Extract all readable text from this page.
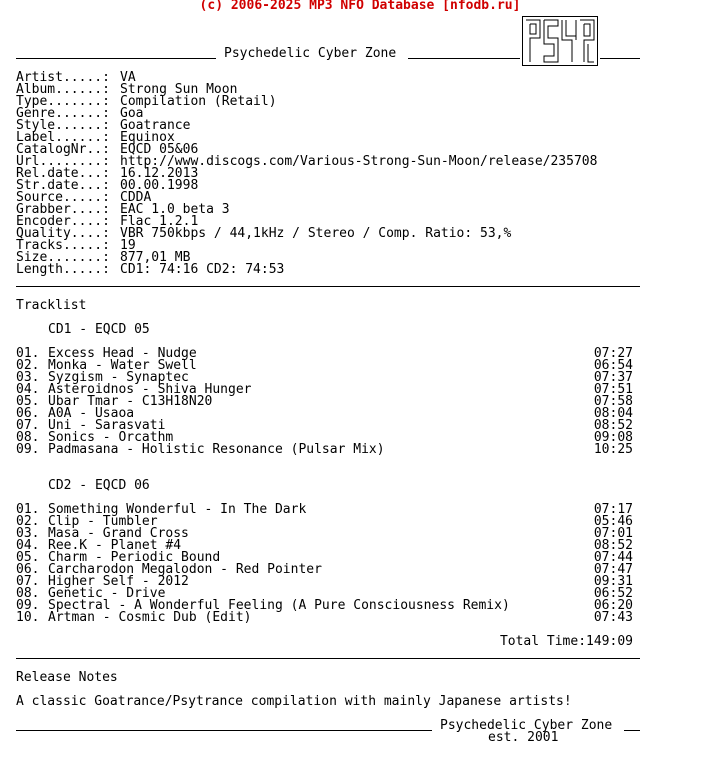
(c) 2006-2025 MP3 NFO Database [nfodb.ru]
Psychedelic Cyber Zone
Artist.....: VA
Album......: Strong Sun Moon
Type.......: Compilation (Retail)
Genre......: Goa
Style......: Goatrance
Label......: Equinox
CatalogNr..: EQCD 05&06
Url........: http://www.discogs.com/Various-Strong-Sun-Moon/release/235708
Rel.date...: 16.12.2013
Str.date...: 00.00.1998
Source.....: CDDA
Grabber....: EAC 1.0 beta 3
Encoder....: Flac 1.2.1
Quality....: VBR 750kbps / 44,1kHz / Stereo / Comp. Ratio: 53,%
Tracks.....: 19
Size.......: 877,01 MB
Length.....: CD1: 74:16 CD2: 74:53
Tracklist
CD1 - EQCD 05
01. Excess Head - Nudge	07:27
02. Monka - Water Swell	06:54
03. Syzgism - Synaptec	07:37
04. Asteroidnos - Shiva Hunger	07:51
05. Ubar Tmar - C13H18N20	07:58
06. A0A - Usaoa	08:04
07. Uni - Sarasvati	08:52
08. Sonics - Orcathm	09:08
09. Padmasana - Holistic Resonance (Pulsar Mix)	10:25
CD2 - EQCD 06
01. Something Wonderful - In The Dark	07:17
02. Clip - Tumbler	05:46
03. Masa - Grand Cross	07:01
04. Ree.K - Planet #4	08:52
05. Charm - Periodic Bound	07:44
06. Carcharodon Megalodon - Red Pointer	07:47
07. Higher Self - 2012	09:31
08. Genetic - Drive	06:52
09. Spectral - A Wonderful Feeling (A Pure Consciousness Remix)	06:20
10. Artman - Cosmic Dub (Edit)	07:43
Total Time:149:09
Release Notes
A classic Goatrance/Psytrance compilation with mainly Japanese artists!
Psychedelic Cyber Zone
est. 2001
